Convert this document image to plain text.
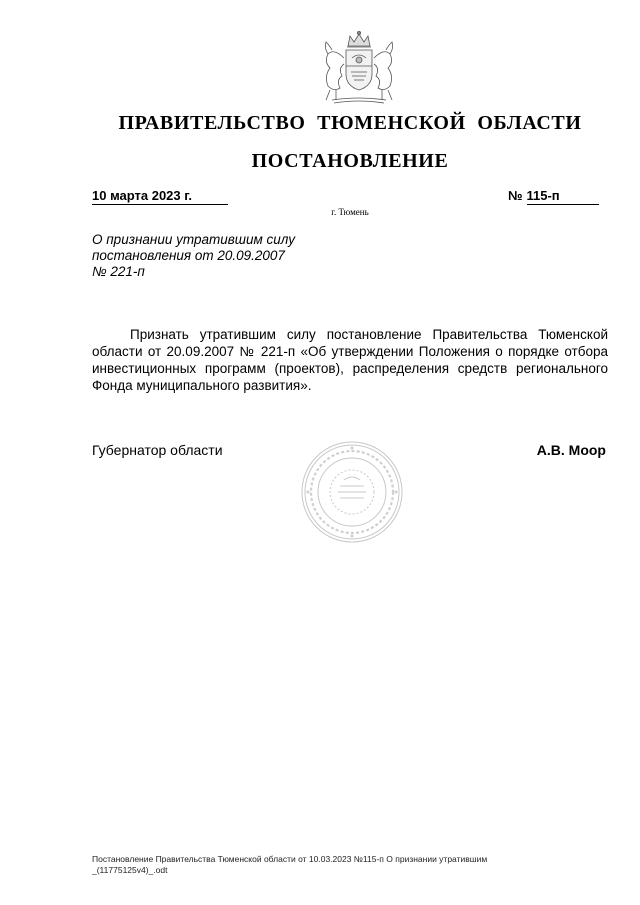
ПРАВИТЕЛЬСТВО ТЮМЕНСКОЙ ОБЛАСТИ
ПОСТАНОВЛЕНИЕ
10 марта 2023 г.	№ 115-п
г. Тюмень
О признании утратившим силу
постановления от 20.09.2007
№ 221-п
Признать утратившим силу постановление Правительства Тюменской области от 20.09.2007 № 221-п «Об утверждении Положения о порядке отбора инвестиционных программ (проектов), распределения средств регионального Фонда муниципального развития».
Губернатор области	А.В. Моор
Постановление Правительства Тюменской области от 10.03.2023 №115-п О признании утратившим
_(11775125v4)_.odt
